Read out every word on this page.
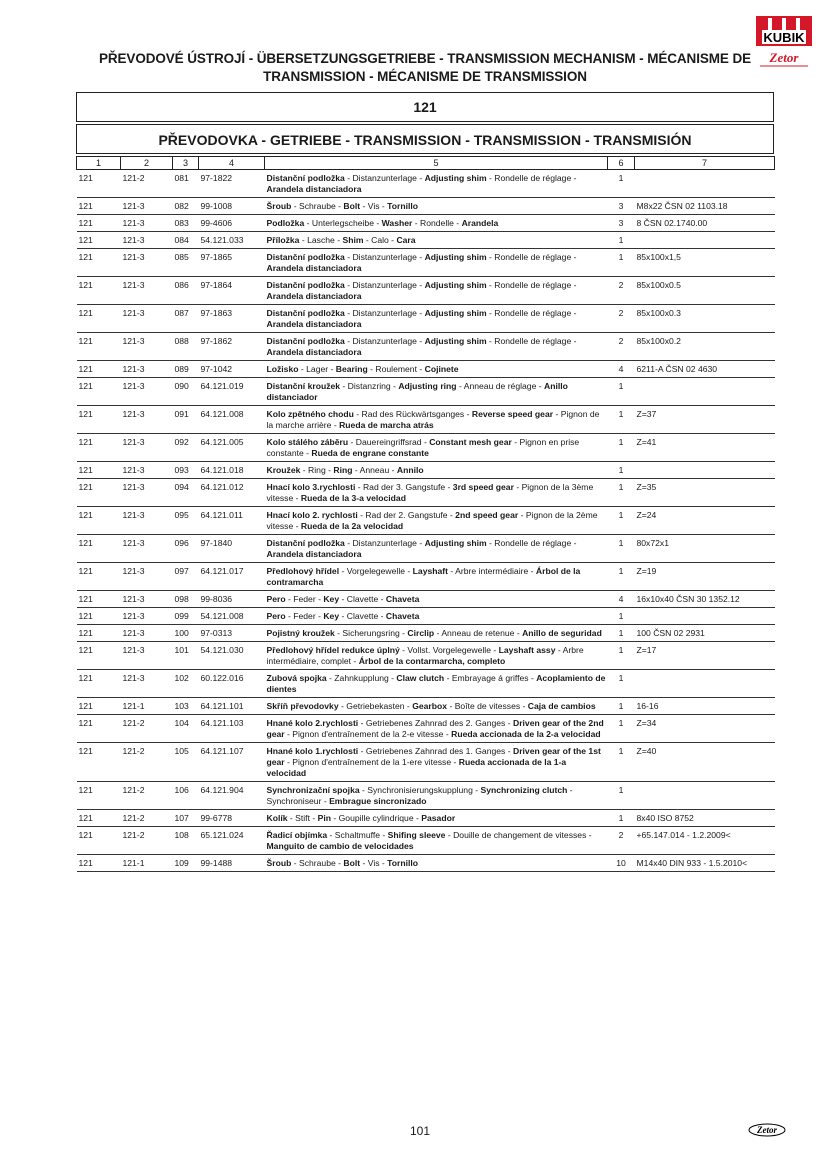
KUBIK
Zetor
PŘEVODOVÉ ÚSTROJÍ - ÜBERSETZUNGSGETRIEBE - TRANSMISSION MECHANISM - MÉCANISME DE
TRANSMISSION - MÉCANISME DE TRANSMISSION
121
PŘEVODOVKA - GETRIEBE - TRANSMISSION - TRANSMISSION - TRANSMISIÓN
1	2	3	4	5	6	7
121	121-2	081	97-1822	Distanční podložka - Distanzunterlage - Adjusting shim - Rondelle de réglage - Arandela distanciadora	1	
121	121-3	082	99-1008	Šroub - Schraube - Bolt - Vis - Tornillo	3	M8x22 ČSN 02 1103.18
121	121-3	083	99-4606	Podložka - Unterlegscheibe - Washer - Rondelle - Arandela	3	8 ČSN 02.1740.00
121	121-3	084	54.121.033	Příložka - Lasche - Shim - Calo - Cara	1	
121	121-3	085	97-1865	Distanční podložka - Distanzunterlage - Adjusting shim - Rondelle de réglage - Arandela distanciadora	1	85x100x1,5
121	121-3	086	97-1864	Distanční podložka - Distanzunterlage - Adjusting shim - Rondelle de réglage - Arandela distanciadora	2	85x100x0.5
121	121-3	087	97-1863	Distanční podložka - Distanzunterlage - Adjusting shim - Rondelle de réglage - Arandela distanciadora	2	85x100x0.3
121	121-3	088	97-1862	Distanční podložka - Distanzunterlage - Adjusting shim - Rondelle de réglage - Arandela distanciadora	2	85x100x0.2
121	121-3	089	97-1042	Ložisko - Lager - Bearing - Roulement - Cojinete	4	6211-A ČSN 02 4630
121	121-3	090	64.121.019	Distanční kroužek - Distanzring - Adjusting ring - Anneau de réglage - Anillo distanciador	1	
121	121-3	091	64.121.008	Kolo zpětného chodu - Rad des Rückwärtsganges - Reverse speed gear - Pignon de la marche arrière - Rueda de marcha atrás	1	Z=37
121	121-3	092	64.121.005	Kolo stálého záběru - Dauereingriffsrad - Constant mesh gear - Pignon en prise constante - Rueda de engrane constante	1	Z=41
121	121-3	093	64.121.018	Kroužek - Ring - Ring - Anneau - Annilo	1	
121	121-3	094	64.121.012	Hnací kolo 3.rychlosti - Rad der 3. Gangstufe - 3rd speed gear - Pignon de la 3ème vitesse - Rueda de la 3-a velocidad	1	Z=35
121	121-3	095	64.121.011	Hnací kolo 2. rychlosti - Rad der 2. Gangstufe - 2nd speed gear - Pignon de la 2ème vitesse - Rueda de la 2a velocidad	1	Z=24
121	121-3	096	97-1840	Distanční podložka - Distanzunterlage - Adjusting shim - Rondelle de réglage - Arandela distanciadora	1	80x72x1
121	121-3	097	64.121.017	Předlohový hřídel - Vorgelegewelle - Layshaft - Arbre intermédiaire - Árbol de la contramarcha	1	Z=19
121	121-3	098	99-8036	Pero - Feder - Key - Clavette - Chaveta	4	16x10x40 ČSN 30 1352.12
121	121-3	099	54.121.008	Pero - Feder - Key - Clavette - Chaveta	1	
121	121-3	100	97-0313	Pojistný kroužek - Sicherungsring - Circlip - Anneau de retenue - Anillo de seguridad	1	100 ČSN 02 2931
121	121-3	101	54.121.030	Předlohový hřídel redukce úplný - Vollst. Vorgelegewelle - Layshaft assy - Arbre intermédiaire, complet - Árbol de la contarmarcha, completo	1	Z=17
121	121-3	102	60.122.016	Zubová spojka - Zahnkupplung - Claw clutch - Embrayage á griffes - Acoplamiento de dientes	1	
121	121-1	103	64.121.101	Skříň převodovky - Getriebekasten - Gearbox - Boîte de vitesses - Caja de cambios	1	16-16
121	121-2	104	64.121.103	Hnané kolo 2.rychlosti - Getriebenes Zahnrad des 2. Ganges - Driven gear of the 2nd gear - Pignon d'entraînement de la 2-e vitesse - Rueda accionada de la 2-a velocidad	1	Z=34
121	121-2	105	64.121.107	Hnané kolo 1.rychlosti - Getriebenes Zahnrad des 1. Ganges - Driven gear of the 1st gear - Pignon d'entraînement de la 1-ere vitesse - Rueda accionada de la 1-a velocidad	1	Z=40
121	121-2	106	64.121.904	Synchronizační spojka - Synchronisierungskupplung - Synchronizing clutch - Synchroniseur - Embrague sincronizado	1	
121	121-2	107	99-6778	Kolík - Stift - Pin - Goupille cylindrique - Pasador	1	8x40 ISO 8752
121	121-2	108	65.121.024	Řadicí objímka - Schaltmuffe - Shifing sleeve - Douille de changement de vitesses - Manguito de cambio de velocidades	2	+65.147.014 - 1.2.2009<
121	121-1	109	99-1488	Šroub - Schraube - Bolt - Vis - Tornillo	10	M14x40 DIN 933 - 1.5.2010<
101	Zetor
